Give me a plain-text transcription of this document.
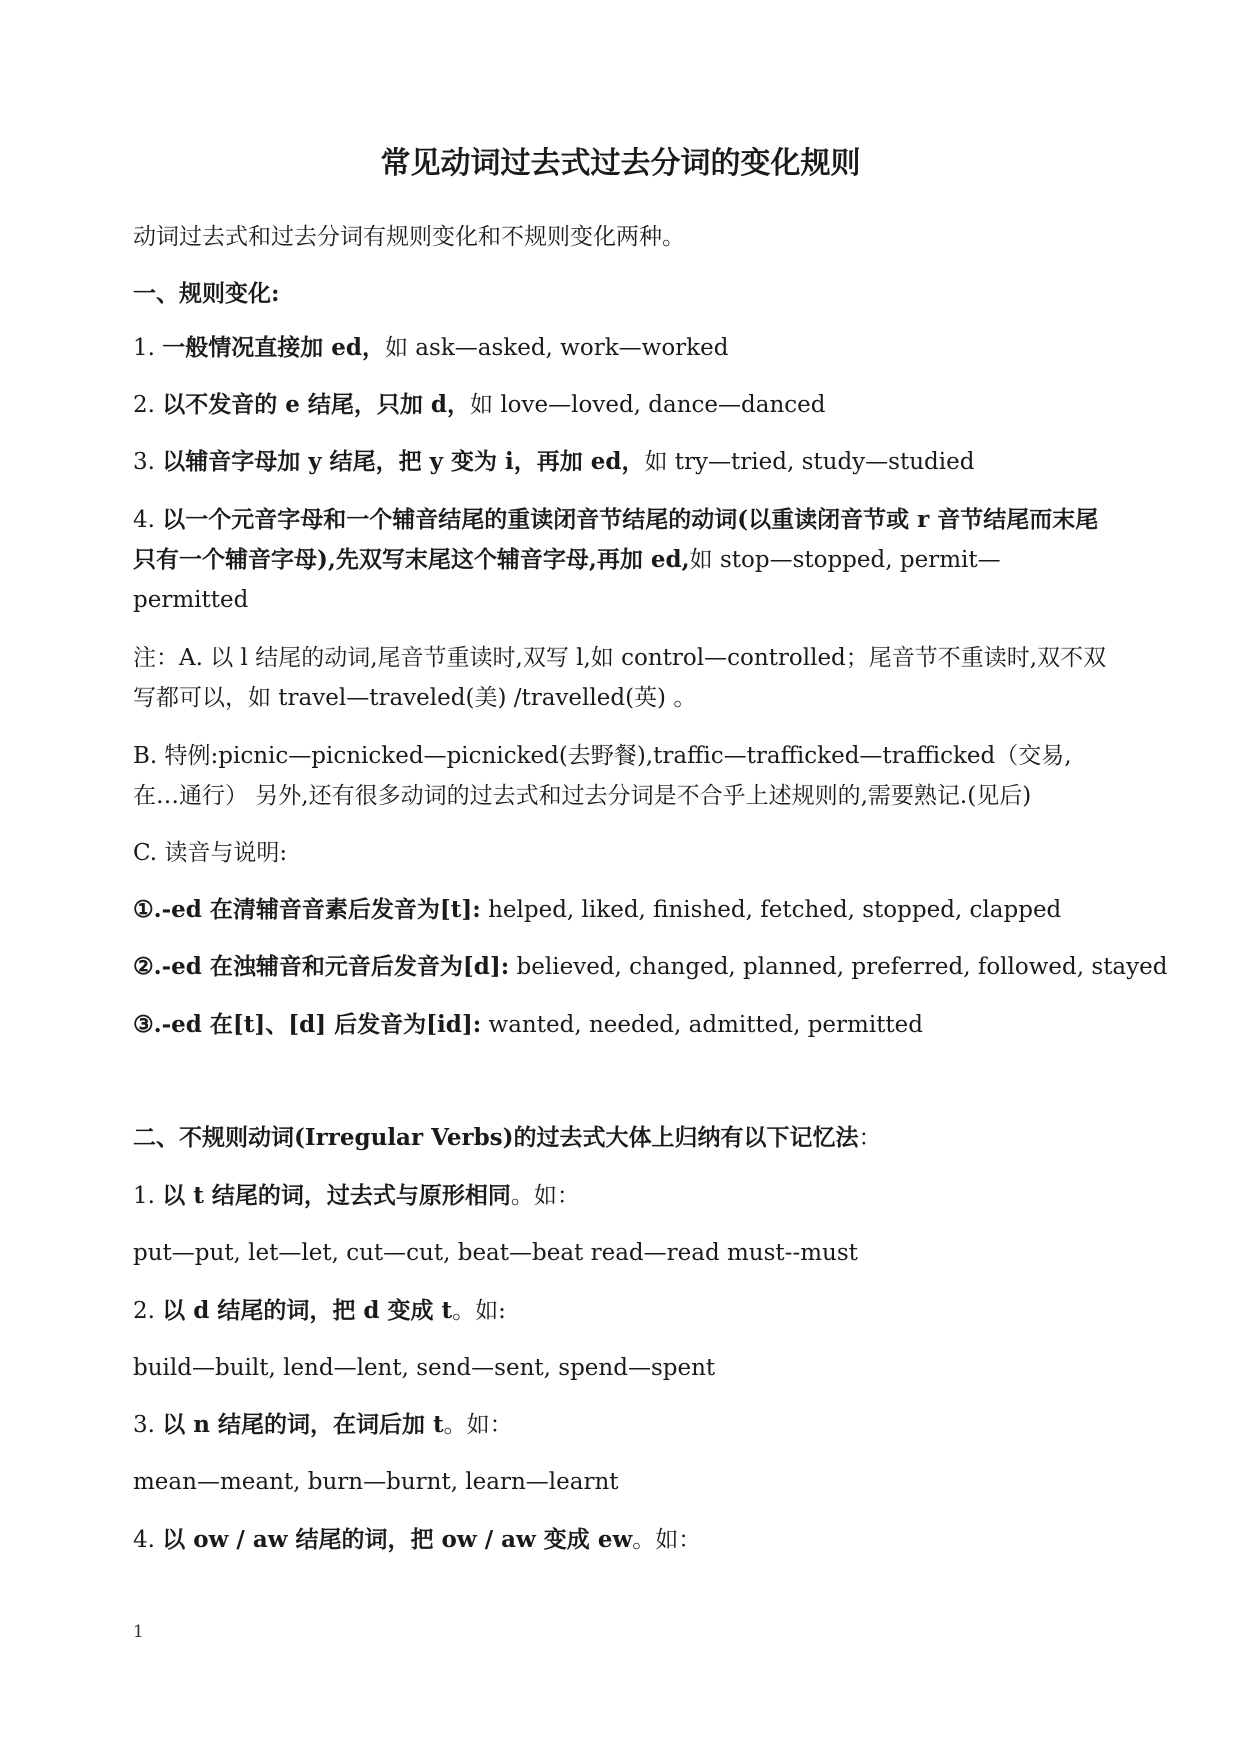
常见动词过去式过去分词的变化规则
动词过去式和过去分词有规则变化和不规则变化两种。
一、规则变化:
1. 一般情况直接加 ed，如 ask—asked, work—worked
2. 以不发音的 e 结尾，只加 d，如 love—loved, dance—danced
3. 以辅音字母加 y 结尾，把 y 变为 i，再加 ed，如 try—tried, study—studied
4. 以一个元音字母和一个辅音结尾的重读闭音节结尾的动词(以重读闭音节或 r 音节结尾而末尾只有一个辅音字母),先双写末尾这个辅音字母,再加 ed,如 stop—stopped, permit—permitted
注：A. 以 l 结尾的动词,尾音节重读时,双写 l,如 control—controlled；尾音节不重读时,双不双写都可以，如 travel—traveled(美) /travelled(英) 。
B. 特例:picnic—picnicked—picnicked(去野餐),traffic—trafficked—trafficked（交易,在…通行） 另外,还有很多动词的过去式和过去分词是不合乎上述规则的,需要熟记.(见后)
C. 读音与说明:
①.-ed 在清辅音音素后发音为[t]: helped, liked, finished, fetched, stopped, clapped
②.-ed 在浊辅音和元音后发音为[d]: believed, changed, planned, preferred, followed, stayed
③.-ed 在[t]、[d] 后发音为[id]: wanted, needed, admitted, permitted
二、不规则动词(Irregular Verbs)的过去式大体上归纳有以下记忆法：
1. 以 t 结尾的词，过去式与原形相同。如：
put—put, let—let, cut—cut, beat—beat read—read must--must
2. 以 d 结尾的词，把 d 变成 t。如:
build—built, lend—lent, send—sent, spend—spent
3. 以 n 结尾的词，在词后加 t。如：
mean—meant, burn—burnt, learn—learnt
4. 以 ow / aw 结尾的词，把 ow / aw 变成 ew。如：
1
